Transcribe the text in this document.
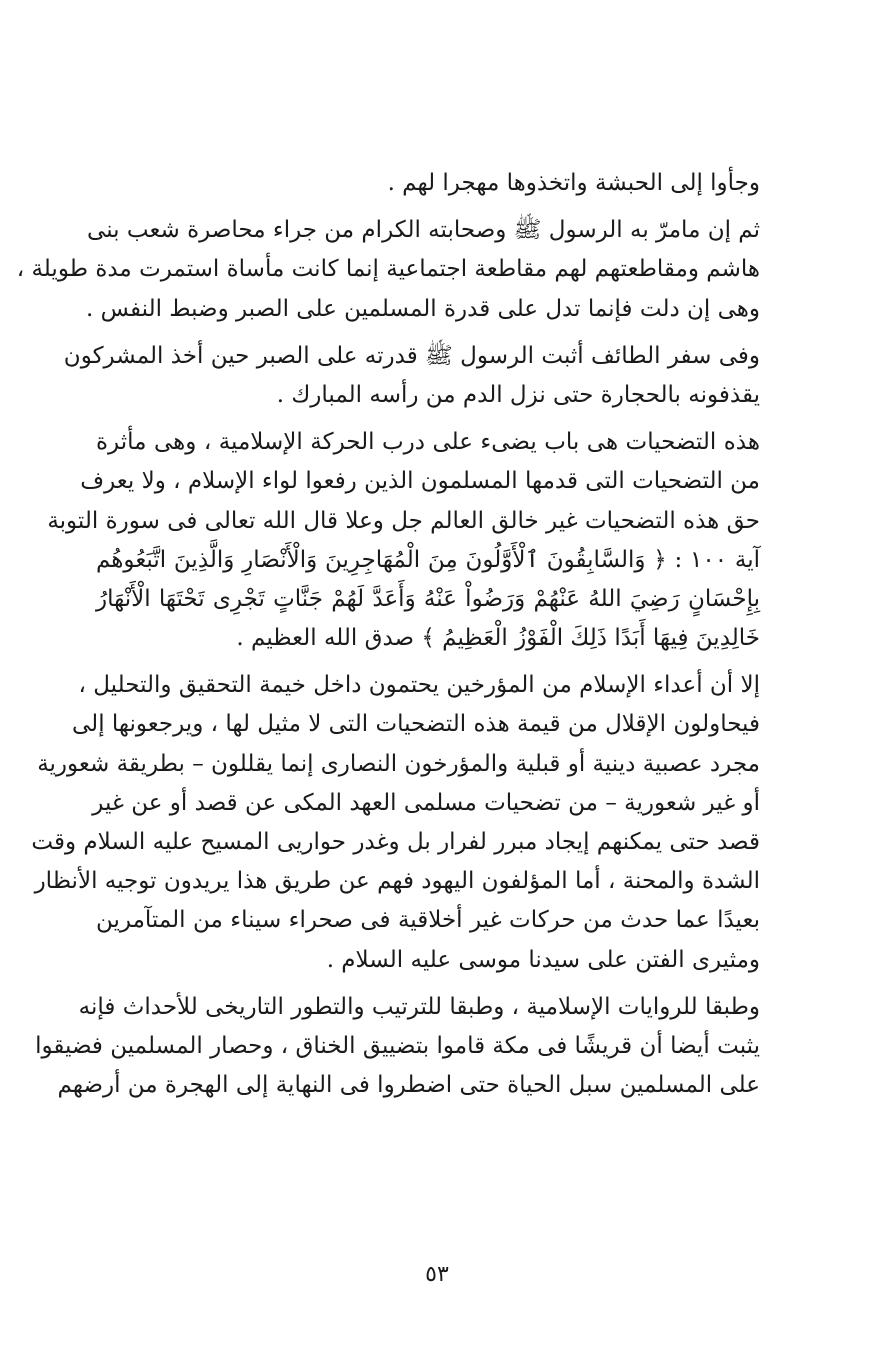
وجأوا إلى الحبشة واتخذوها مهجرا لهم .
ثم إن مامرّ به الرسول ﷺ وصحابته الكرام من جراء محاصرة شعب بنى
هاشم ومقاطعتهم لهم مقاطعة اجتماعية إنما كانت مأساة استمرت مدة طويلة ،
وهى إن دلت فإنما تدل على قدرة المسلمين على الصبر وضبط النفس .
وفى سفر الطائف أثبت الرسول ﷺ قدرته على الصبر حين أخذ المشركون
يقذفونه بالحجارة حتى نزل الدم من رأسه المبارك .
هذه التضحيات هى باب يضىء على درب الحركة الإسلامية ، وهى مأثرة
من التضحيات التى قدمها المسلمون الذين رفعوا لواء الإسلام ، ولا يعرف
حق هذه التضحيات غير خالق العالم جل وعلا قال الله تعالى فى سورة التوبة
آية ١٠٠ : ﴿ وَالسَّابِقُونَ ٱلْأَوَّلُونَ مِنَ الْمُهَاجِرِينَ وَالْأَنْصَارِ وَالَّذِينَ اتَّبَعُوهُم
بِإِحْسَانٍ رَضِيَ اللهُ عَنْهُمْ وَرَضُواْ عَنْهُ وَأَعَدَّ لَهُمْ جَنَّاتٍ تَجْرِى تَحْتَهَا الْأَنْهَارُ
خَالِدِينَ فِيهَا أَبَدًا ذَلِكَ الْفَوْزُ الْعَظِيمُ ﴾ صدق الله العظيم .
إلا أن أعداء الإسلام من المؤرخين يحتمون داخل خيمة التحقيق والتحليل ،
فيحاولون الإقلال من قيمة هذه التضحيات التى لا مثيل لها ، ويرجعونها إلى
مجرد عصبية دينية أو قبلية والمؤرخون النصارى إنما يقللون – بطريقة شعورية
أو غير شعورية – من تضحيات مسلمى العهد المكى عن قصد أو عن غير
قصد حتى يمكنهم إيجاد مبرر لفرار بل وغدر حواريى المسيح عليه السلام وقت
الشدة والمحنة ، أما المؤلفون اليهود فهم عن طريق هذا يريدون توجيه الأنظار
بعيدًا عما حدث من حركات غير أخلاقية فى صحراء سيناء من المتآمرين
ومثيرى الفتن على سيدنا موسى عليه السلام .
وطبقا للروايات الإسلامية ، وطبقا للترتيب والتطور التاريخى للأحداث فإنه
يثبت أيضا أن قريشًا فى مكة قاموا بتضييق الخناق ، وحصار المسلمين فضيقوا
على المسلمين سبل الحياة حتى اضطروا فى النهاية إلى الهجرة من أرضهم
٥٣
